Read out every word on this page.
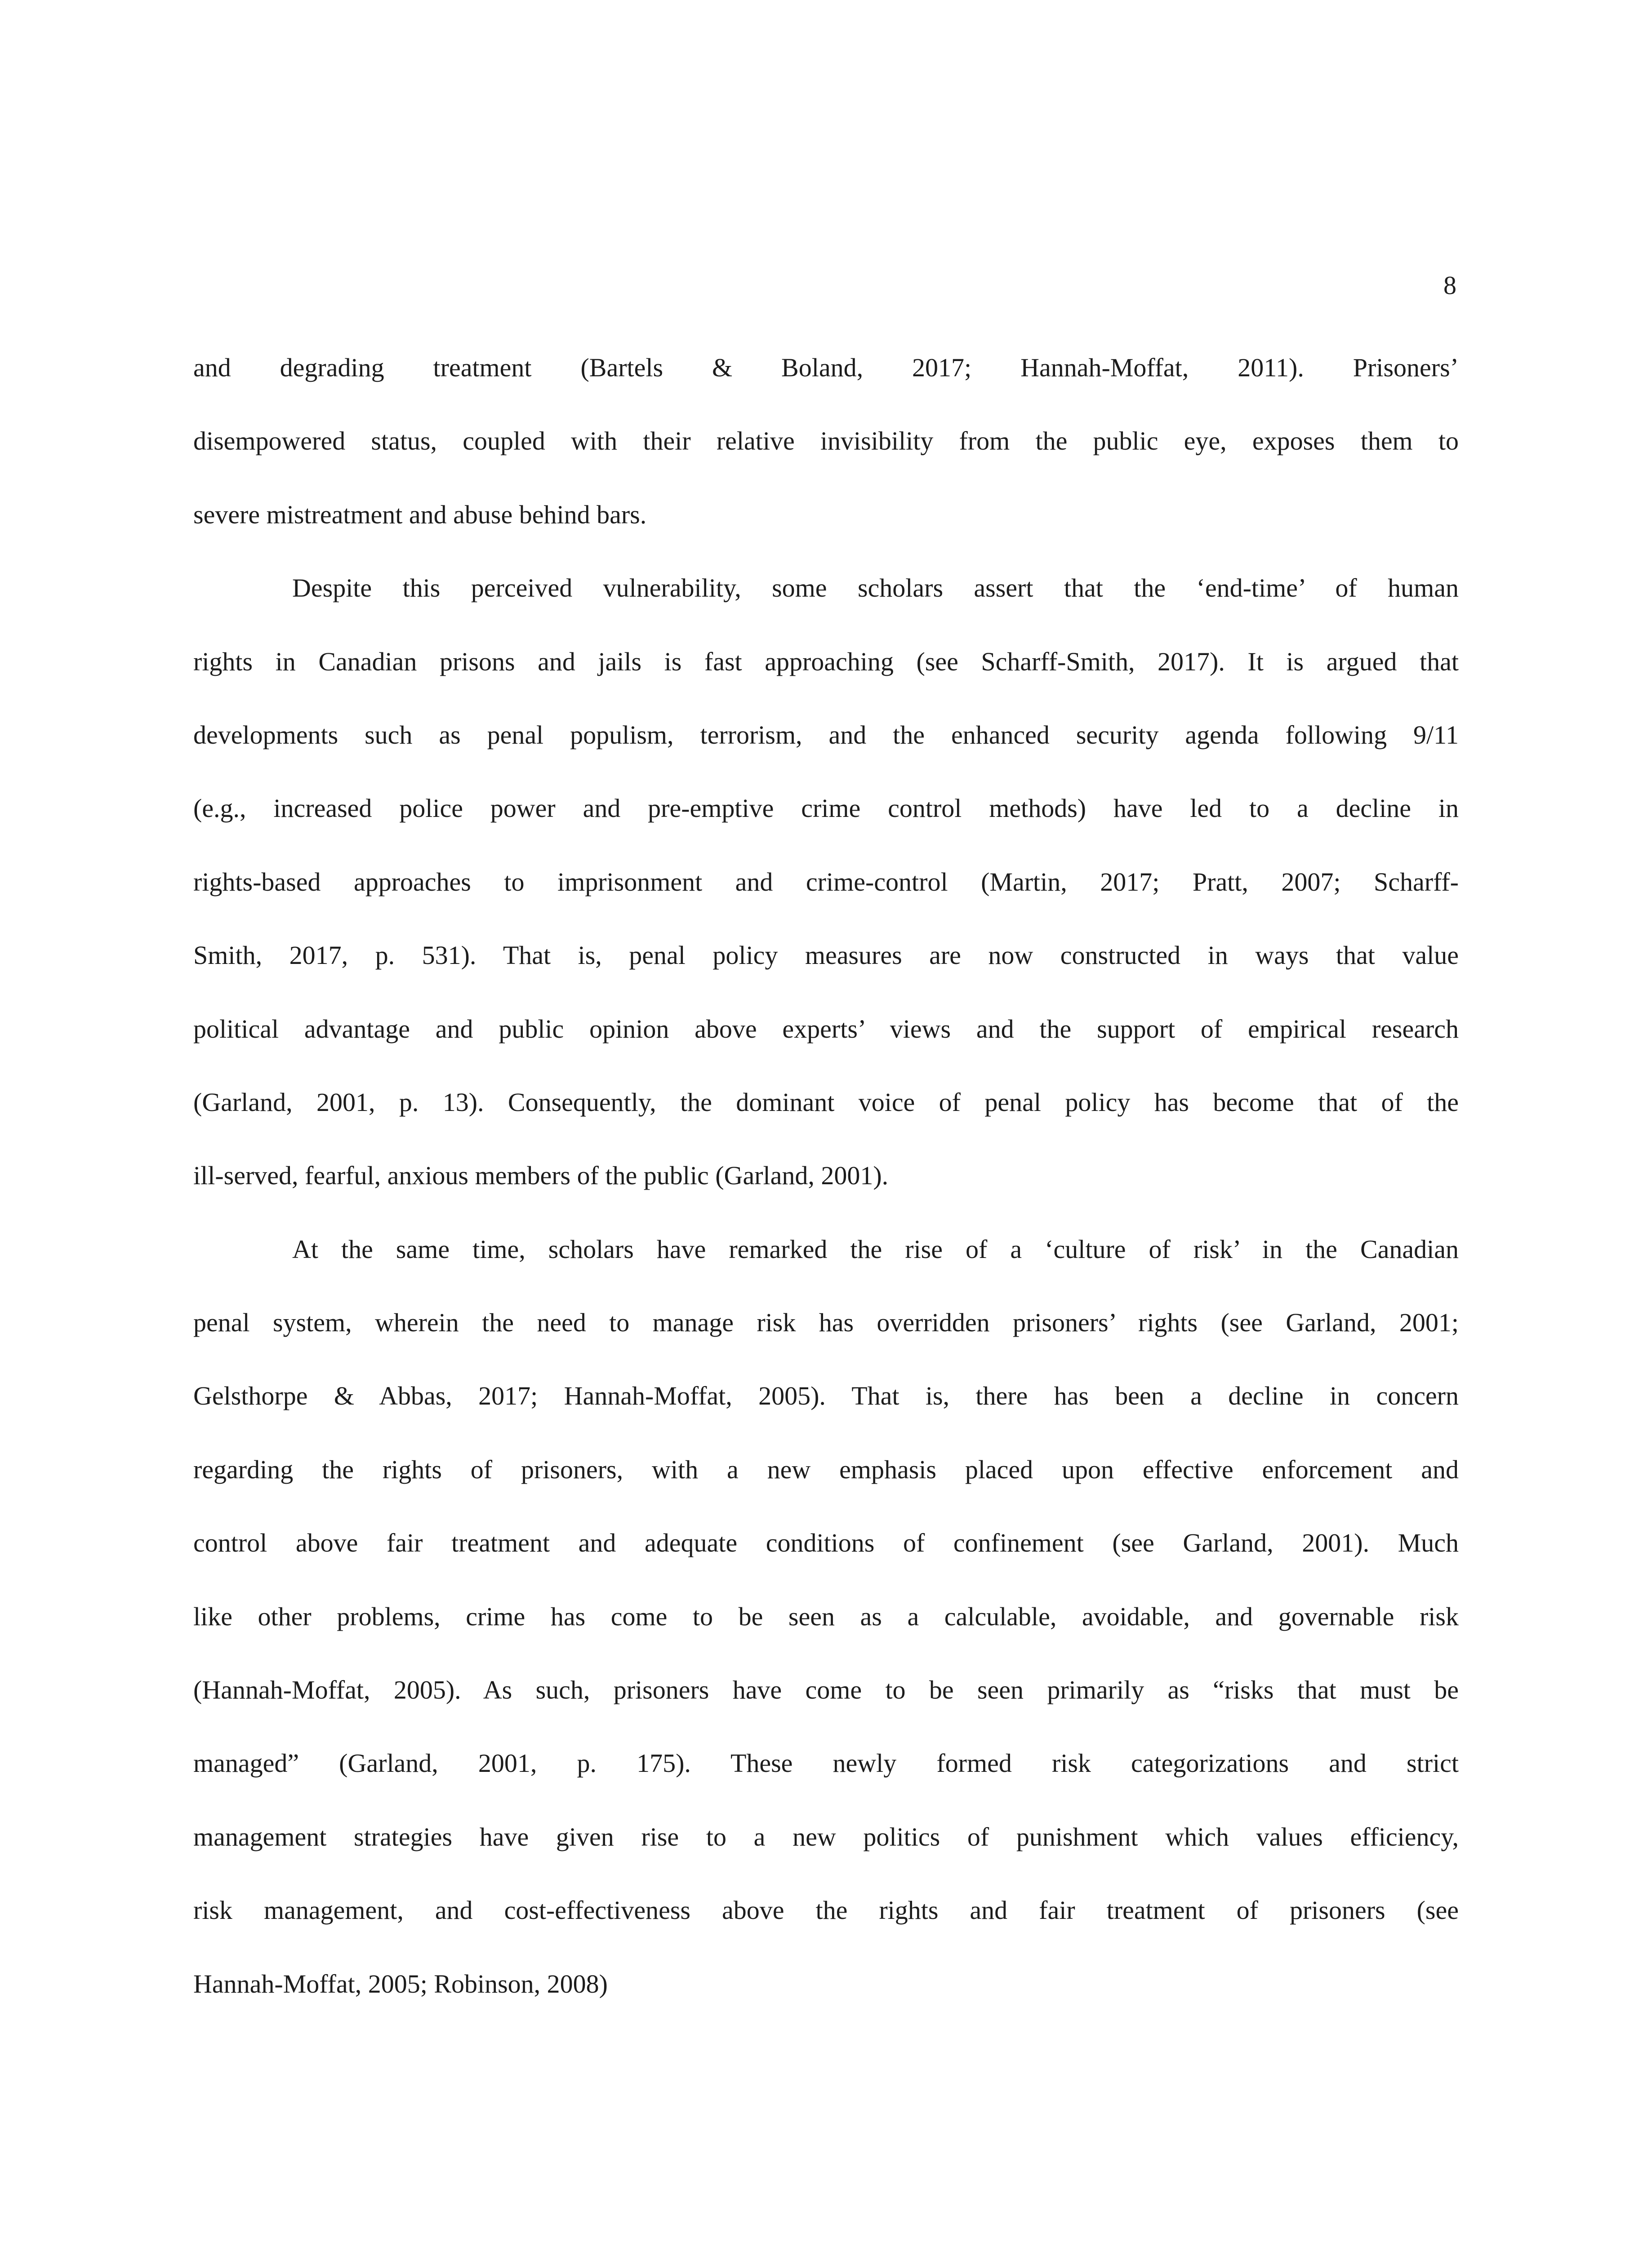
8
and degrading treatment (Bartels & Boland, 2017; Hannah-Moffat, 2011). Prisoners’
disempowered status, coupled with their relative invisibility from the public eye, exposes them to
severe mistreatment and abuse behind bars.
Despite this perceived vulnerability, some scholars assert that the ‘end-time’ of human
rights in Canadian prisons and jails is fast approaching (see Scharff-Smith, 2017). It is argued that
developments such as penal populism, terrorism, and the enhanced security agenda following 9/11
(e.g., increased police power and pre-emptive crime control methods) have led to a decline in
rights-based approaches to imprisonment and crime-control (Martin, 2017; Pratt, 2007; Scharff-
Smith, 2017, p. 531). That is, penal policy measures are now constructed in ways that value
political advantage and public opinion above experts’ views and the support of empirical research
(Garland, 2001, p. 13). Consequently, the dominant voice of penal policy has become that of the
ill-served, fearful, anxious members of the public (Garland, 2001).
At the same time, scholars have remarked the rise of a ‘culture of risk’ in the Canadian
penal system, wherein the need to manage risk has overridden prisoners’ rights (see Garland, 2001;
Gelsthorpe & Abbas, 2017; Hannah-Moffat, 2005). That is, there has been a decline in concern
regarding the rights of prisoners, with a new emphasis placed upon effective enforcement and
control above fair treatment and adequate conditions of confinement (see Garland, 2001). Much
like other problems, crime has come to be seen as a calculable, avoidable, and governable risk
(Hannah-Moffat, 2005). As such, prisoners have come to be seen primarily as “risks that must be
managed” (Garland, 2001, p. 175). These newly formed risk categorizations and strict
management strategies have given rise to a new politics of punishment which values efficiency,
risk management, and cost-effectiveness above the rights and fair treatment of prisoners (see
Hannah-Moffat, 2005; Robinson, 2008)
